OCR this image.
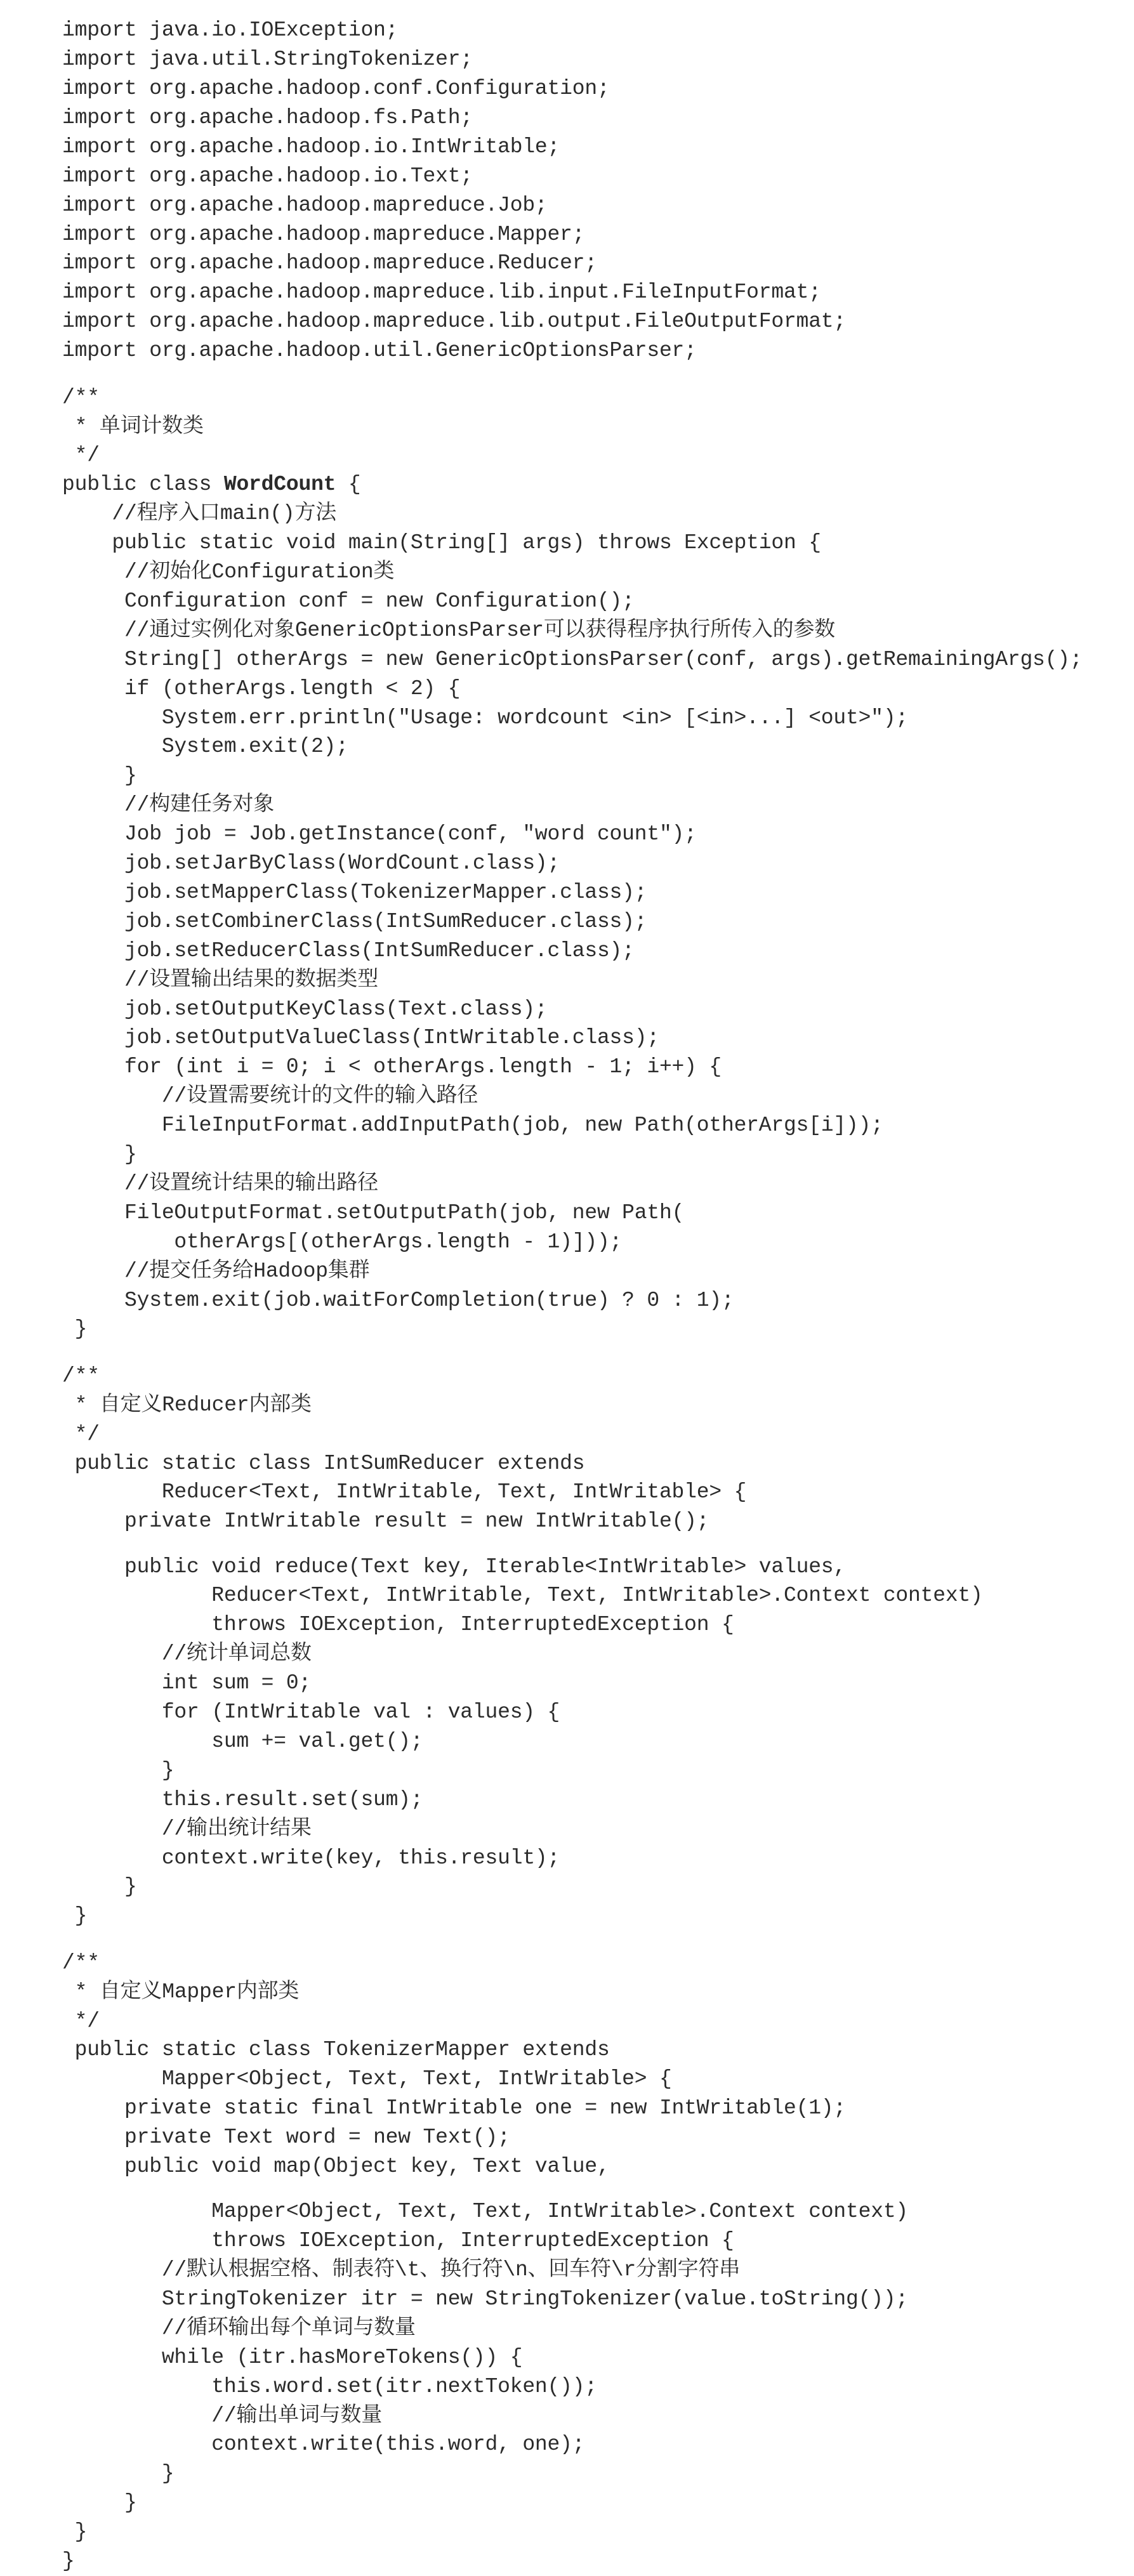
import java.io.IOException;
import java.util.StringTokenizer;
import org.apache.hadoop.conf.Configuration;
import org.apache.hadoop.fs.Path;
import org.apache.hadoop.io.IntWritable;
import org.apache.hadoop.io.Text;
import org.apache.hadoop.mapreduce.Job;
import org.apache.hadoop.mapreduce.Mapper;
import org.apache.hadoop.mapreduce.Reducer;
import org.apache.hadoop.mapreduce.lib.input.FileInputFormat;
import org.apache.hadoop.mapreduce.lib.output.FileOutputFormat;
import org.apache.hadoop.util.GenericOptionsParser;
/**
* 单词计数类
*/
public class WordCount {
//程序入口main()方法
public static void main(String[] args) throws Exception {
//初始化Configuration类
Configuration conf = new Configuration();
//通过实例化对象GenericOptionsParser可以获得程序执行所传入的参数
String[] otherArgs = new GenericOptionsParser(conf, args).getRemainingArgs();
if (otherArgs.length < 2) {
System.err.println("Usage: wordcount <in> [<in>...] <out>");
System.exit(2);
}
//构建任务对象
Job job = Job.getInstance(conf, "word count");
job.setJarByClass(WordCount.class);
job.setMapperClass(TokenizerMapper.class);
job.setCombinerClass(IntSumReducer.class);
job.setReducerClass(IntSumReducer.class);
//设置输出结果的数据类型
job.setOutputKeyClass(Text.class);
job.setOutputValueClass(IntWritable.class);
for (int i = 0; i < otherArgs.length - 1; i++) {
//设置需要统计的文件的输入路径
FileInputFormat.addInputPath(job, new Path(otherArgs[i]));
}
//设置统计结果的输出路径
FileOutputFormat.setOutputPath(job, new Path(
otherArgs[(otherArgs.length - 1)]));
//提交任务给Hadoop集群
System.exit(job.waitForCompletion(true) ? 0 : 1);
}
/**
* 自定义Reducer内部类
*/
public static class IntSumReducer extends
Reducer<Text, IntWritable, Text, IntWritable> {
private IntWritable result = new IntWritable();
public void reduce(Text key, Iterable<IntWritable> values,
Reducer<Text, IntWritable, Text, IntWritable>.Context context)
throws IOException, InterruptedException {
//统计单词总数
int sum = 0;
for (IntWritable val : values) {
sum += val.get();
}
this.result.set(sum);
//输出统计结果
context.write(key, this.result);
}
}
/**
* 自定义Mapper内部类
*/
public static class TokenizerMapper extends
Mapper<Object, Text, Text, IntWritable> {
private static final IntWritable one = new IntWritable(1);
private Text word = new Text();
public void map(Object key, Text value,
Mapper<Object, Text, Text, IntWritable>.Context context)
throws IOException, InterruptedException {
//默认根据空格、制表符\t、换行符\n、回车符\r分割字符串
StringTokenizer itr = new StringTokenizer(value.toString());
//循环输出每个单词与数量
while (itr.hasMoreTokens()) {
this.word.set(itr.nextToken());
//输出单词与数量
context.write(this.word, one);
}
}
}
}
